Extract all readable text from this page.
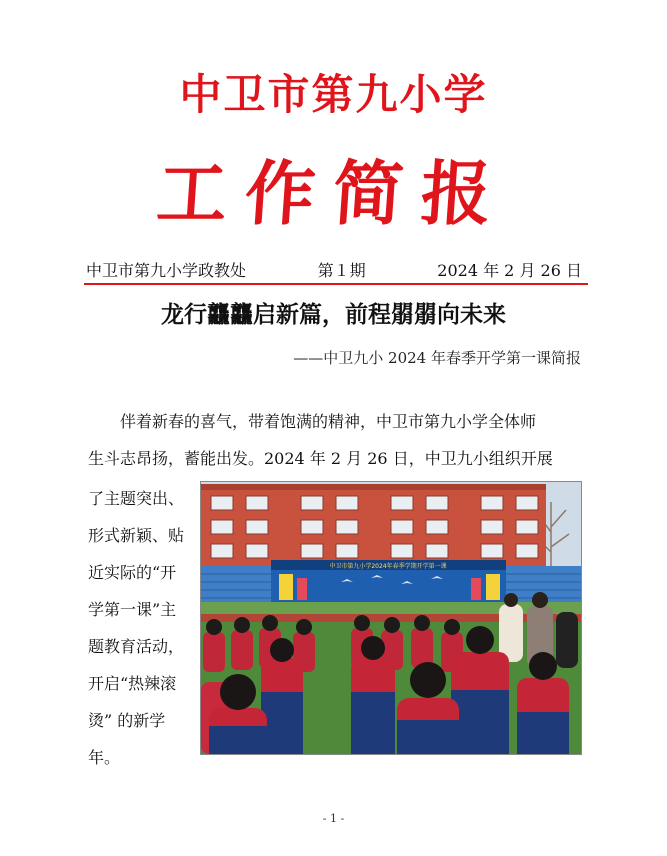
中卫市第九小学
工作简报
中卫市第九小学政教处	第１期	2024 年 2 月 26 日
龙行龘龘启新篇，前程朤朤向未来
——中卫九小 2024 年春季开学第一课简报
伴着新春的喜气，带着饱满的精神，中卫市第九小学全体师
生斗志昂扬，蓄能出发。2024 年 2 月 26 日，中卫九小组织开展
了主题突出、
形式新颖、贴
近实际的“开
学第一课”主
题教育活动，
开启“热辣滚
烫” 的新学
年。
中卫市第九小学2024年春季学期开学第一课
- 1 -
